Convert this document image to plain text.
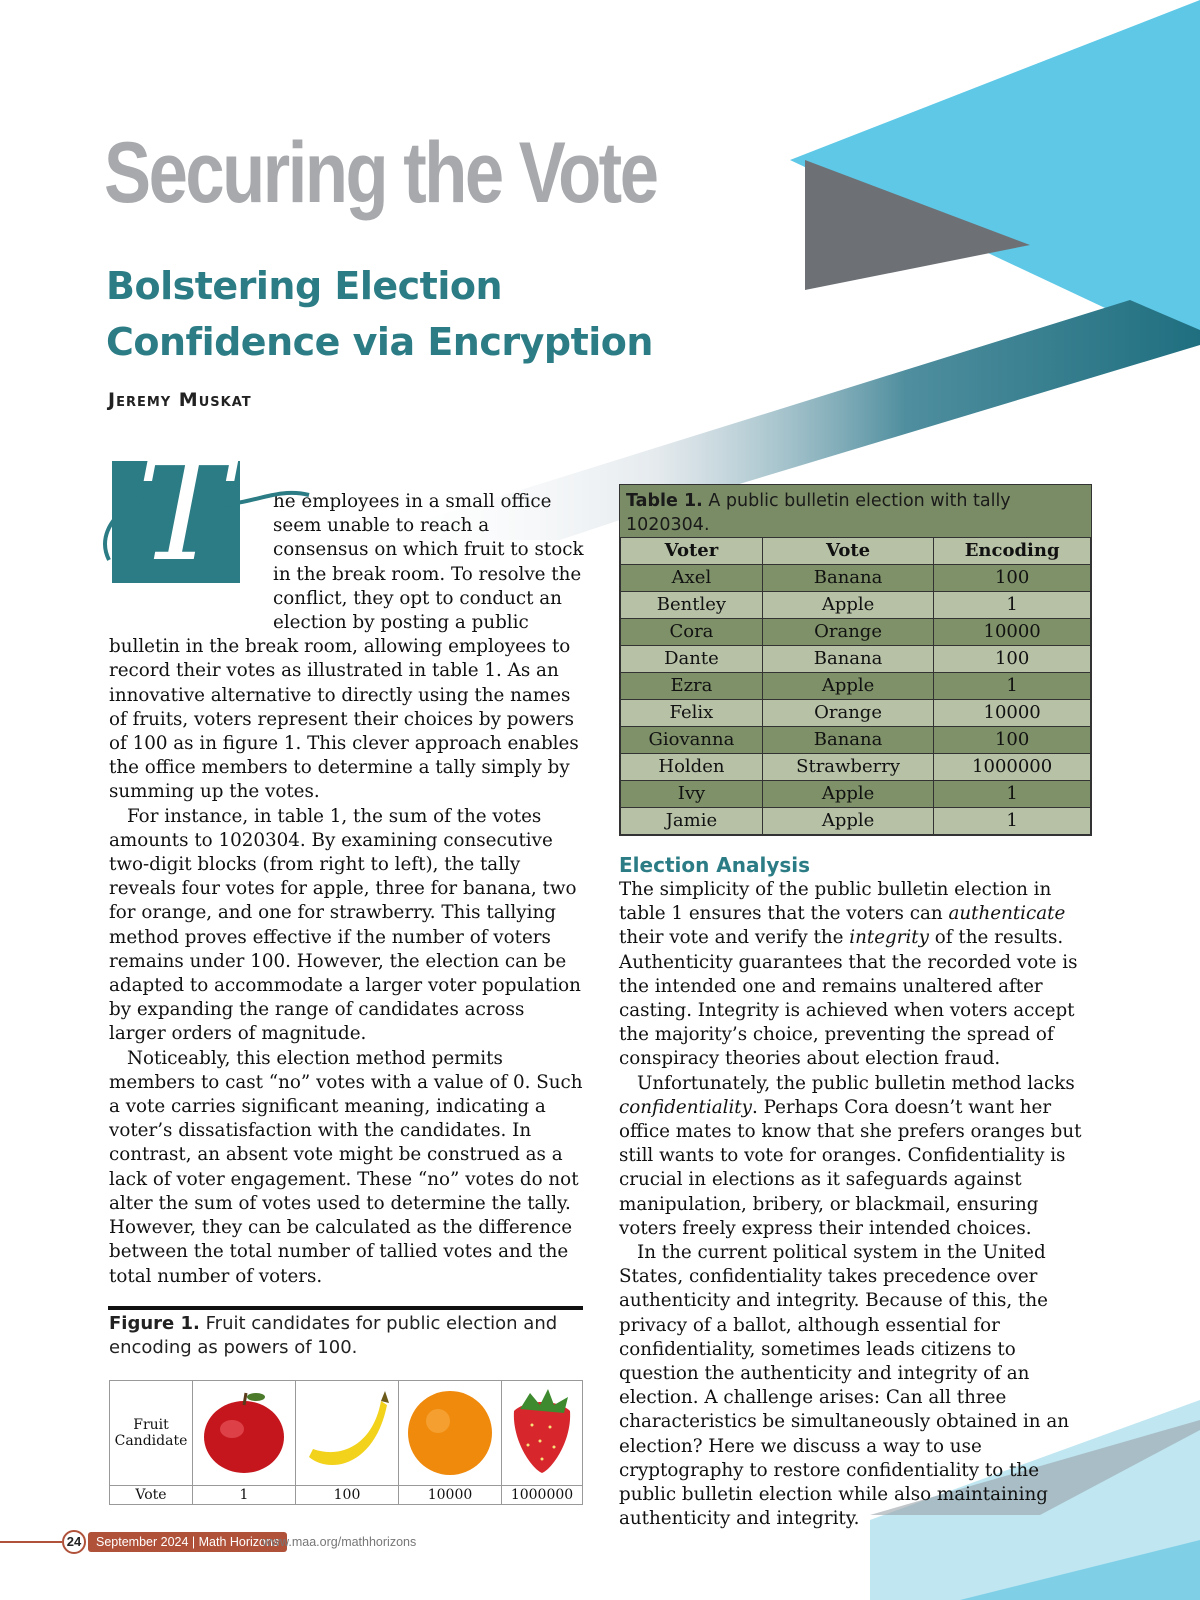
Securing the Vote
Bolstering Election
Confidence via Encryption

Jeremy Muskat

T	he employees in a small office seem unable to reach a consensus on which fruit to stock in the break room. To resolve the conflict, they opt to conduct an election by posting a public bulletin in the break room, allowing employees to record their votes as illustrated in table 1. As an innovative alternative to directly using the names of fruits, voters represent their choices by powers of 100 as in figure 1. This clever approach enables the office members to determine a tally simply by summing up the votes.

For instance, in table 1, the sum of the votes amounts to 1020304. By examining consecutive two-digit blocks (from right to left), the tally reveals four votes for apple, three for banana, two for orange, and one for strawberry. This tallying method proves effective if the number of voters remains under 100. However, the election can be adapted to accommodate a larger voter population by expanding the range of candidates across larger orders of magnitude.

Noticeably, this election method permits members to cast “no” votes with a value of 0. Such a vote carries significant meaning, indicating a voter’s dissatisfaction with the candidates. In contrast, an absent vote might be construed as a lack of voter engagement. These “no” votes do not alter the sum of votes used to determine the tally. However, they can be calculated as the difference between the total number of tallied votes and the total number of voters.

Figure 1. Fruit candidates for public election and encoding as powers of 100.

Fruit
Candidate				
Vote	1	100	10000	1000000

Table 1. A public bulletin election with tally 1020304.

Voter	Vote	Encoding
Axel	Banana	100
Bentley	Apple	1
Cora	Orange	10000
Dante	Banana	100
Ezra	Apple	1
Felix	Orange	10000
Giovanna	Banana	100
Holden	Strawberry	1000000
Ivy	Apple	1
Jamie	Apple	1
Election Analysis

The simplicity of the public bulletin election in table 1 ensures that the voters can authenticate their vote and verify the integrity of the results. Authenticity guarantees that the recorded vote is the intended one and remains unaltered after casting. Integrity is achieved when voters accept the majority’s choice, preventing the spread of conspiracy theories about election fraud.

Unfortunately, the public bulletin method lacks confidentiality. Perhaps Cora doesn’t want her office mates to know that she prefers oranges but still wants to vote for oranges. Confidentiality is crucial in elections as it safeguards against manipulation, bribery, or blackmail, ensuring voters freely express their intended choices.

In the current political system in the United States, confidentiality takes precedence over authenticity and integrity. Because of this, the privacy of a ballot, although essential for confidentiality, sometimes leads citizens to question the authenticity and integrity of an election. A challenge arises: Can all three characteristics be simultaneously obtained in an election? Here we discuss a way to use cryptography to restore confidentiality to the public bulletin election while also maintaining authenticity and integrity.

24	September 2024 | Math Horizons
www.maa.org/mathhorizons
